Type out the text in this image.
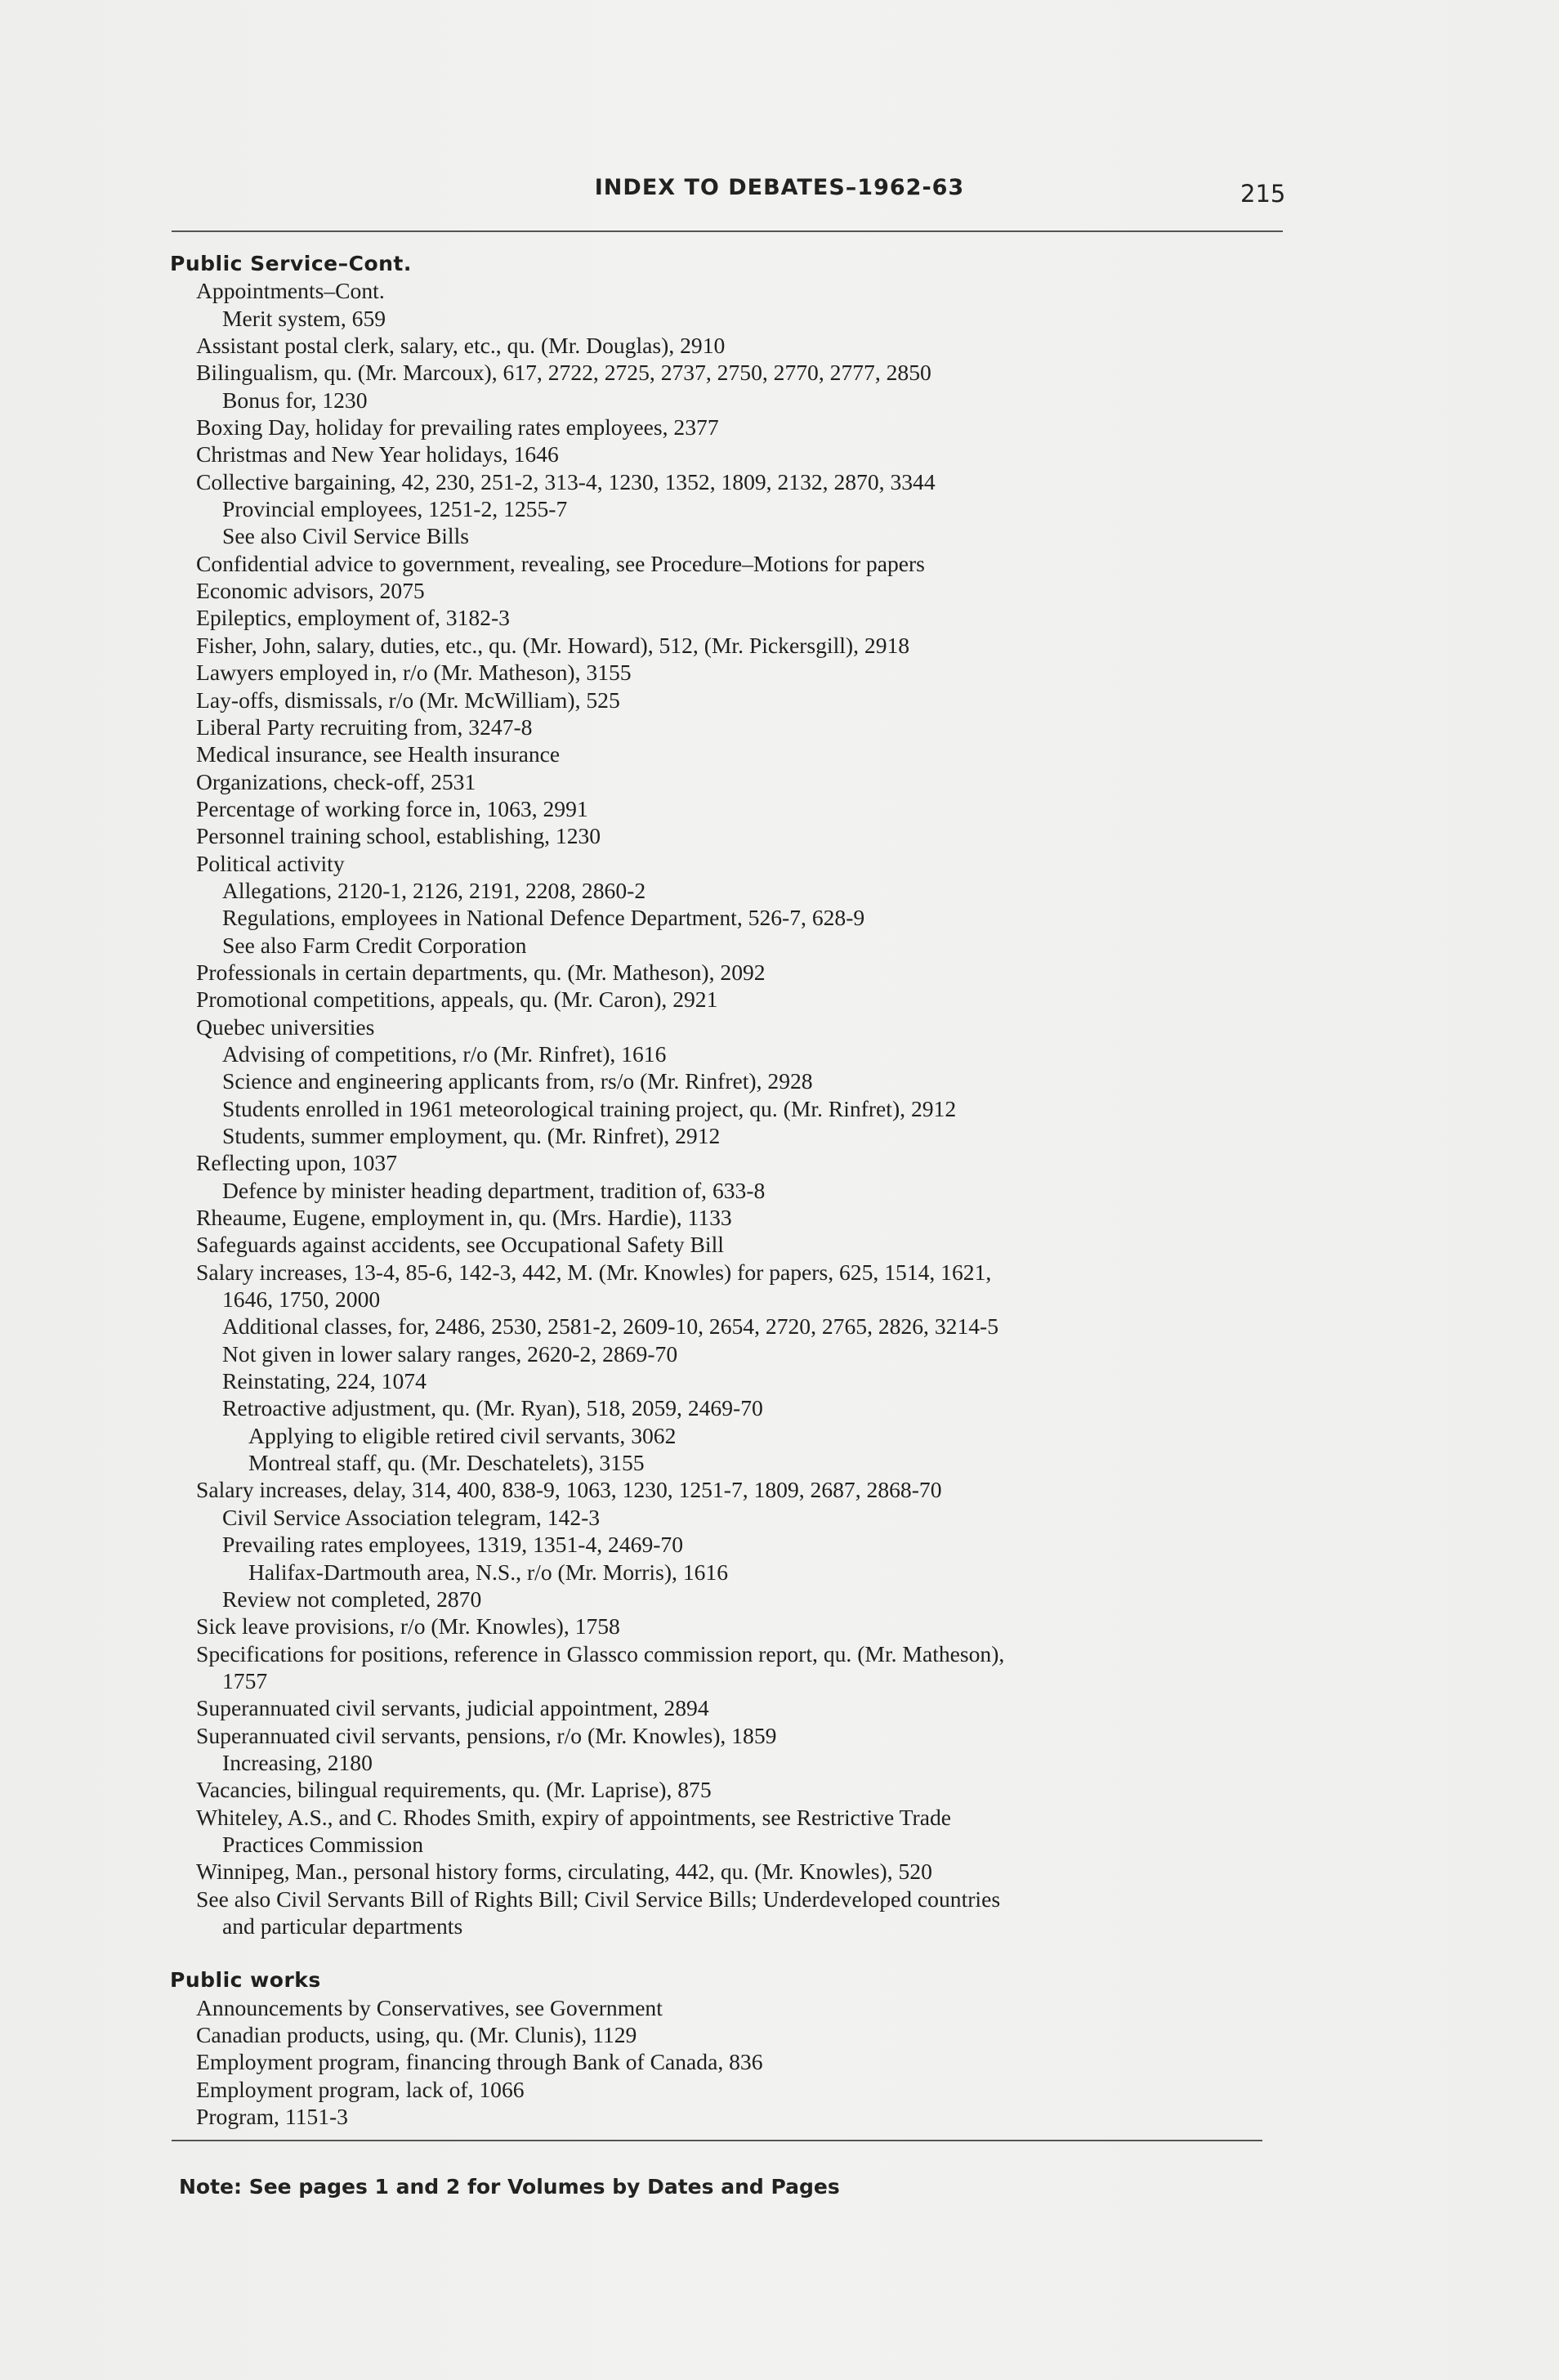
INDEX TO DEBATES–1962-63	215
Public Service–Cont.
Appointments–Cont.
Merit system, 659
Assistant postal clerk, salary, etc., qu. (Mr. Douglas), 2910
Bilingualism, qu. (Mr. Marcoux), 617, 2722, 2725, 2737, 2750, 2770, 2777, 2850
Bonus for, 1230
Boxing Day, holiday for prevailing rates employees, 2377
Christmas and New Year holidays, 1646
Collective bargaining, 42, 230, 251-2, 313-4, 1230, 1352, 1809, 2132, 2870, 3344
Provincial employees, 1251-2, 1255-7
See also Civil Service Bills
Confidential advice to government, revealing, see Procedure–Motions for papers
Economic advisors, 2075
Epileptics, employment of, 3182-3
Fisher, John, salary, duties, etc., qu. (Mr. Howard), 512, (Mr. Pickersgill), 2918
Lawyers employed in, r/o (Mr. Matheson), 3155
Lay-offs, dismissals, r/o (Mr. McWilliam), 525
Liberal Party recruiting from, 3247-8
Medical insurance, see Health insurance
Organizations, check-off, 2531
Percentage of working force in, 1063, 2991
Personnel training school, establishing, 1230
Political activity
Allegations, 2120-1, 2126, 2191, 2208, 2860-2
Regulations, employees in National Defence Department, 526-7, 628-9
See also Farm Credit Corporation
Professionals in certain departments, qu. (Mr. Matheson), 2092
Promotional competitions, appeals, qu. (Mr. Caron), 2921
Quebec universities
Advising of competitions, r/o (Mr. Rinfret), 1616
Science and engineering applicants from, rs/o (Mr. Rinfret), 2928
Students enrolled in 1961 meteorological training project, qu. (Mr. Rinfret), 2912
Students, summer employment, qu. (Mr. Rinfret), 2912
Reflecting upon, 1037
Defence by minister heading department, tradition of, 633-8
Rheaume, Eugene, employment in, qu. (Mrs. Hardie), 1133
Safeguards against accidents, see Occupational Safety Bill
Salary increases, 13-4, 85-6, 142-3, 442, M. (Mr. Knowles) for papers, 625, 1514, 1621,
1646, 1750, 2000
Additional classes, for, 2486, 2530, 2581-2, 2609-10, 2654, 2720, 2765, 2826, 3214-5
Not given in lower salary ranges, 2620-2, 2869-70
Reinstating, 224, 1074
Retroactive adjustment, qu. (Mr. Ryan), 518, 2059, 2469-70
Applying to eligible retired civil servants, 3062
Montreal staff, qu. (Mr. Deschatelets), 3155
Salary increases, delay, 314, 400, 838-9, 1063, 1230, 1251-7, 1809, 2687, 2868-70
Civil Service Association telegram, 142-3
Prevailing rates employees, 1319, 1351-4, 2469-70
Halifax-Dartmouth area, N.S., r/o (Mr. Morris), 1616
Review not completed, 2870
Sick leave provisions, r/o (Mr. Knowles), 1758
Specifications for positions, reference in Glassco commission report, qu. (Mr. Matheson),
1757
Superannuated civil servants, judicial appointment, 2894
Superannuated civil servants, pensions, r/o (Mr. Knowles), 1859
Increasing, 2180
Vacancies, bilingual requirements, qu. (Mr. Laprise), 875
Whiteley, A.S., and C. Rhodes Smith, expiry of appointments, see Restrictive Trade
Practices Commission
Winnipeg, Man., personal history forms, circulating, 442, qu. (Mr. Knowles), 520
See also Civil Servants Bill of Rights Bill; Civil Service Bills; Underdeveloped countries
and particular departments
Public works
Announcements by Conservatives, see Government
Canadian products, using, qu. (Mr. Clunis), 1129
Employment program, financing through Bank of Canada, 836
Employment program, lack of, 1066
Program, 1151-3
Note: See pages 1 and 2 for Volumes by Dates and Pages
